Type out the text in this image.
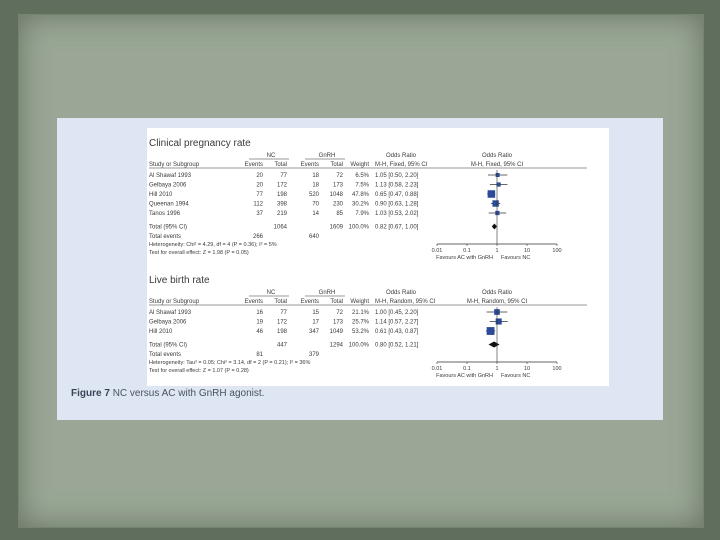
Clinical pregnancy rate
NC	GnRH	Odds Ratio	Odds Ratio
Study or Subgroup	Events Total Events Total Weight M-H, Fixed, 95% CI	M-H, Fixed, 95% CI
Al Shawaf 1993	20	77	18	72 6.5% 1.05 [0.50, 2.20]
Gelbaya 2006	20 172	18 173 7.5% 1.13 [0.58, 2.23]
Hill 2010	77 198	520 1048 47.8% 0.65 [0.47, 0.88]
Queenan 1994	112 398	70 230 30.2% 0.90 [0.63, 1.28]
Tanos 1996	37 219	14	85 7.9% 1.03 [0.53, 2.02]
Total (95% CI)	1064	1609 100.0% 0.82 [0.67, 1.00]
Total events	266	640
Heterogeneity: Chi² = 4.29, df = 4 (P = 0.36); I² = 5%
Test for overall effect: Z = 1.98 (P = 0.05)	0.01	0.1	1	10	100
Favours AC with GnRH Favours NC
Live birth rate
NC	GnRH	Odds Ratio	Odds Ratio
Study or Subgroup	Events Total Events Total Weight M-H, Random, 95% CI	M-H, Random, 95% CI
Al Shawaf 1993	16	77	15	72 21.1% 1.00 [0.45, 2.20]
Gelbaya 2006	19 172	17 173 25.7% 1.14 [0.57, 2.27]
Hill 2010	46 198	347 1049 53.2% 0.61 [0.43, 0.87]
Total (95% CI)	447	1294 100.0% 0.80 [0.52, 1.21]
Total events	81	379
Heterogeneity: Tau² = 0.05; Chi² = 3.14, df = 2 (P = 0.21); I² = 36%
Test for overall effect: Z = 1.07 (P = 0.28)	0.01	0.1	1	10	100
Favours AC with GnRH Favours NC
Figure 7 NC versus AC with GnRH agonist.
